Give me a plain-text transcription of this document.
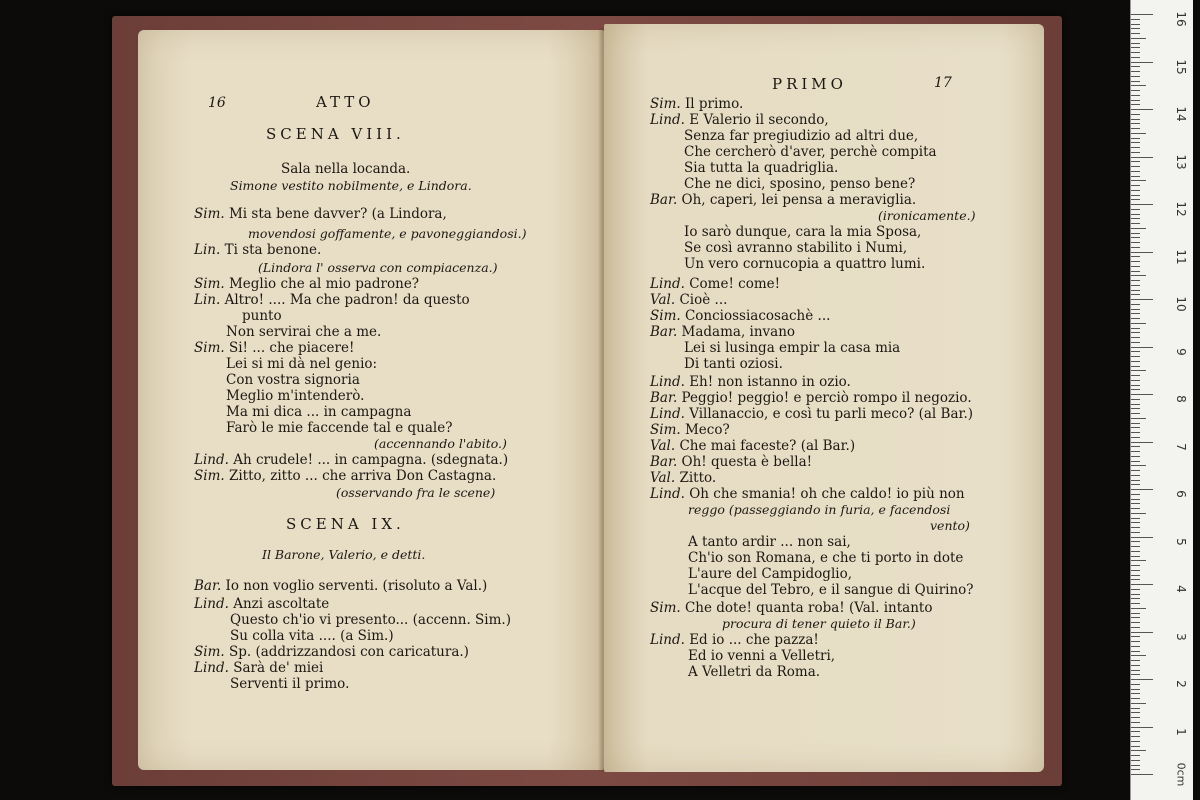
16	ATTO
SCENA VIII.
Sala nella locanda.
Simone vestito nobilmente, e Lindora.
Sim. Mi sta bene davver? (a Lindora,
movendosi goffamente, e pavoneggiandosi.)
Lin. Ti sta benone.
(Lindora l' osserva con compiacenza.)
Sim. Meglio che al mio padrone?
Lin. Altro! .... Ma che padron! da questo
punto
Non servirai che a me.
Sim. Si! ... che piacere!
Lei si mi dà nel genio:
Con vostra signoria
Meglio m'intenderò.
Ma mi dica ... in campagna
Farò le mie faccende tal e quale?
(accennando l'abito.)
Lind. Ah crudele! ... in campagna. (sdegnata.)
Sim. Zitto, zitto ... che arriva Don Castagna.
(osservando fra le scene)
SCENA IX.
Il Barone, Valerio, e detti.
Bar. Io non voglio serventi. (risoluto a Val.)
Lind. Anzi ascoltate
Questo ch'io vi presento... (accenn. Sim.)
Su colla vita .... (a Sim.)
Sim. Sp. (addrizzandosi con caricatura.)
Lind. Sarà de' miei
Serventi il primo.
PRIMO	17
Sim. Il primo.
Lind. E Valerio il secondo,
Senza far pregiudizio ad altri due,
Che cercherò d'aver, perchè compita
Sia tutta la quadriglia.
Che ne dici, sposino, penso bene?
Bar. Oh, caperi, lei pensa a meraviglia.
(ironicamente.)
Io sarò dunque, cara la mia Sposa,
Se così avranno stabilito i Numi,
Un vero cornucopia a quattro lumi.
Lind. Come! come!
Val. Cioè ...
Sim. Conciossiacosachè ...
Bar. Madama, invano
Lei si lusinga empir la casa mia
Di tanti oziosi.
Lind. Eh! non istanno in ozio.
Bar. Peggio! peggio! e perciò rompo il negozio.
Lind. Villanaccio, e così tu parli meco? (al Bar.)
Sim. Meco?
Val. Che mai faceste? (al Bar.)
Bar. Oh! questa è bella!
Val. Zitto.
Lind. Oh che smania! oh che caldo! io più non
reggo (passeggiando in furia, e facendosi
vento)
A tanto ardir ... non sai,
Ch'io son Romana, e che ti porto in dote
L'aure del Campidoglio,
L'acque del Tebro, e il sangue di Quirino?
Sim. Che dote! quanta roba! (Val. intanto
procura di tener quieto il Bar.)
Lind. Ed io ... che pazza!
Ed io venni a Velletri,
A Velletri da Roma.
0cm
16
15
14
13
12
11
10
9
8
7
6
5
4
3
2
1
